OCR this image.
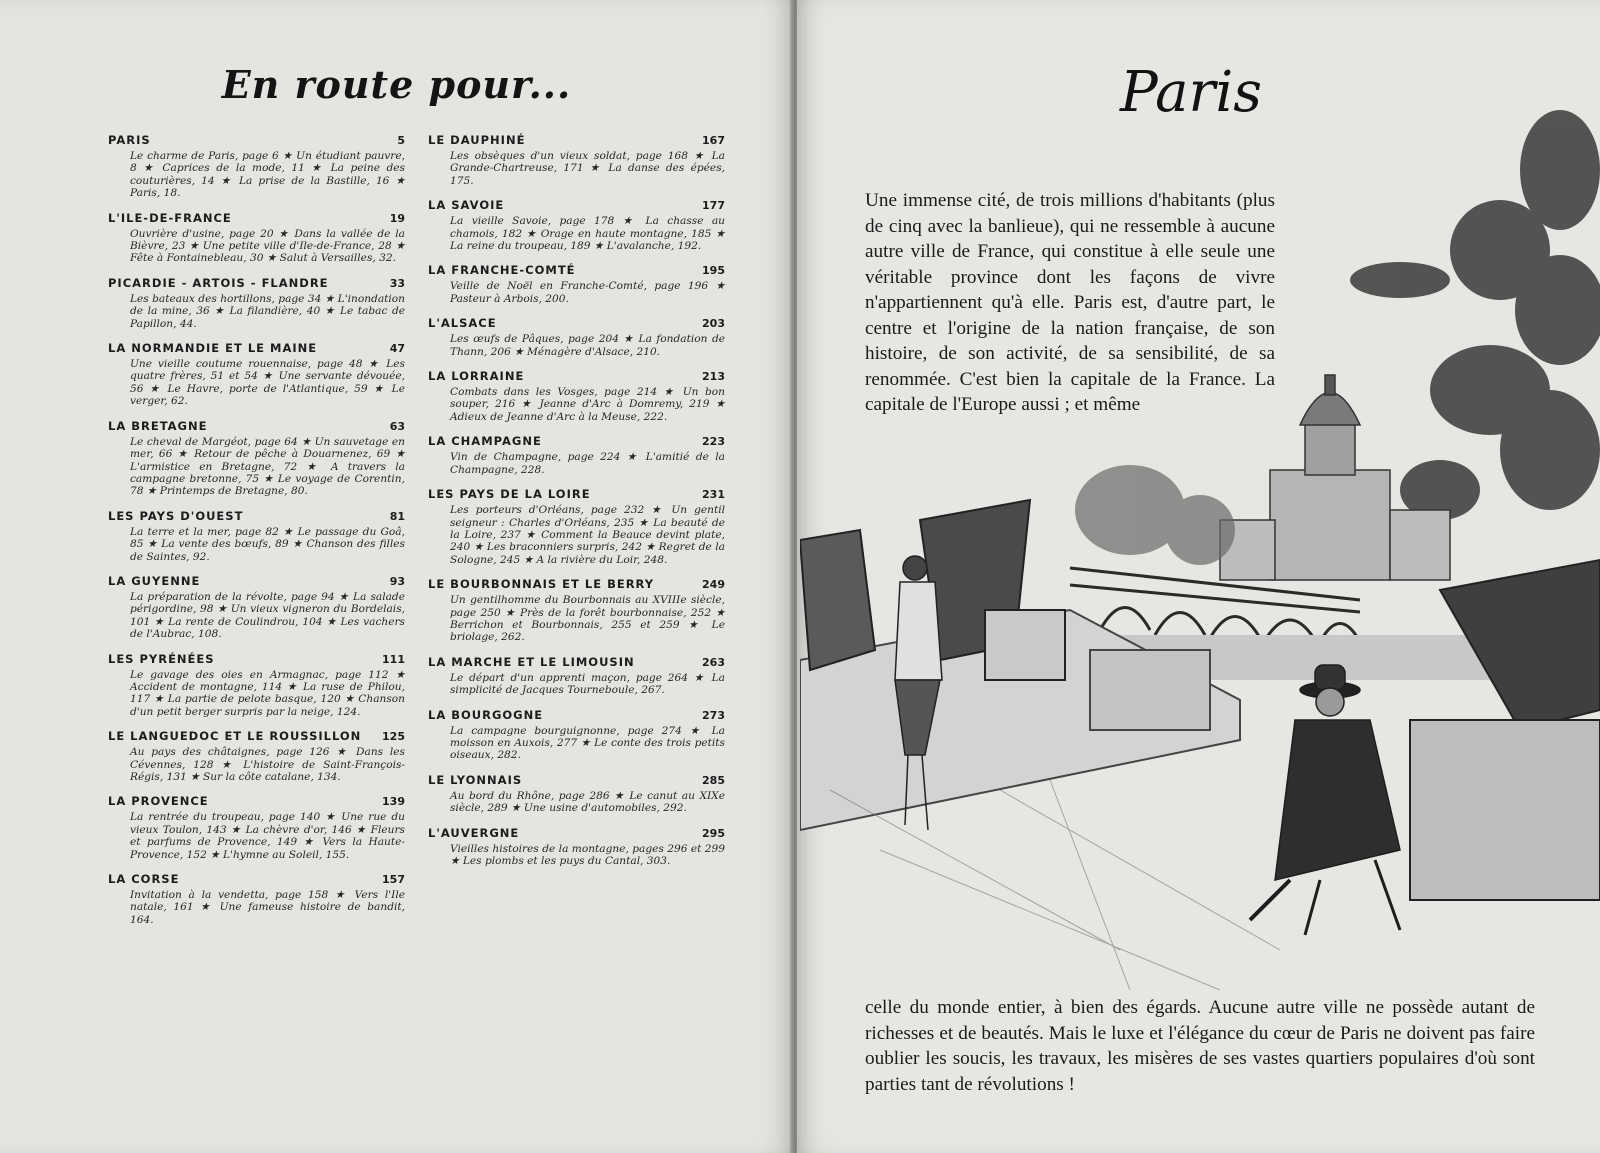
En route pour...
PARIS	5
Le charme de Paris, page 6 ★ Un étudiant pauvre, 8 ★ Caprices de la mode, 11 ★ La peine des couturières, 14 ★ La prise de la Bastille, 16 ★ Paris, 18.
L'ILE-DE-FRANCE	19
Ouvrière d'usine, page 20 ★ Dans la vallée de la Bièvre, 23 ★ Une petite ville d'Ile-de-France, 28 ★ Fête à Fontainebleau, 30 ★ Salut à Versailles, 32.
PICARDIE - ARTOIS - FLANDRE	33
Les bateaux des hortillons, page 34 ★ L'inondation de la mine, 36 ★ La filandière, 40 ★ Le tabac de Papillon, 44.
LA NORMANDIE ET LE MAINE	47
Une vieille coutume rouennaise, page 48 ★ Les quatre frères, 51 et 54 ★ Une servante dévouée, 56 ★ Le Havre, porte de l'Atlantique, 59 ★ Le verger, 62.
LA BRETAGNE	63
Le cheval de Margéot, page 64 ★ Un sauvetage en mer, 66 ★ Retour de pêche à Douarnenez, 69 ★ L'armistice en Bretagne, 72 ★ A travers la campagne bretonne, 75 ★ Le voyage de Corentin, 78 ★ Printemps de Bretagne, 80.
LES PAYS D'OUEST	81
La terre et la mer, page 82 ★ Le passage du Goâ, 85 ★ La vente des bœufs, 89 ★ Chanson des filles de Saintes, 92.
LA GUYENNE	93
La préparation de la révolte, page 94 ★ La salade périgordine, 98 ★ Un vieux vigneron du Bordelais, 101 ★ La rente de Coulindrou, 104 ★ Les vachers de l'Aubrac, 108.
LES PYRÉNÉES	111
Le gavage des oies en Armagnac, page 112 ★ Accident de montagne, 114 ★ La ruse de Philou, 117 ★ La partie de pelote basque, 120 ★ Chanson d'un petit berger surpris par la neige, 124.
LE LANGUEDOC ET LE ROUSSILLON 125
Au pays des châtaignes, page 126 ★ Dans les Cévennes, 128 ★ L'histoire de Saint-François-Régis, 131 ★ Sur la côte catalane, 134.
LA PROVENCE	139
La rentrée du troupeau, page 140 ★ Une rue du vieux Toulon, 143 ★ La chèvre d'or, 146 ★ Fleurs et parfums de Provence, 149 ★ Vers la Haute-Provence, 152 ★ L'hymne au Soleil, 155.
LA CORSE	157
Invitation à la vendetta, page 158 ★ Vers l'Ile natale, 161 ★ Une fameuse histoire de bandit, 164.
LE DAUPHINÉ	167
Les obsèques d'un vieux soldat, page 168 ★ La Grande-Chartreuse, 171 ★ La danse des épées, 175.
LA SAVOIE	177
La vieille Savoie, page 178 ★ La chasse au chamois, 182 ★ Orage en haute montagne, 185 ★ La reine du troupeau, 189 ★ L'avalanche, 192.
LA FRANCHE-COMTÉ	195
Veille de Noël en Franche-Comté, page 196 ★ Pasteur à Arbois, 200.
L'ALSACE	203
Les œufs de Pâques, page 204 ★ La fondation de Thann, 206 ★ Ménagère d'Alsace, 210.
LA LORRAINE	213
Combats dans les Vosges, page 214 ★ Un bon souper, 216 ★ Jeanne d'Arc à Domremy, 219 ★ Adieux de Jeanne d'Arc à la Meuse, 222.
LA CHAMPAGNE	223
Vin de Champagne, page 224 ★ L'amitié de la Champagne, 228.
LES PAYS DE LA LOIRE	231
Les porteurs d'Orléans, page 232 ★ Un gentil seigneur : Charles d'Orléans, 235 ★ La beauté de la Loire, 237 ★ Comment la Beauce devint plate, 240 ★ Les braconniers surpris, 242 ★ Regret de la Sologne, 245 ★ A la rivière du Loir, 248.
LE BOURBONNAIS ET LE BERRY	249
Un gentilhomme du Bourbonnais au XVIIIe siècle, page 250 ★ Près de la forêt bourbonnaise, 252 ★ Berrichon et Bourbonnais, 255 et 259 ★ Le briolage, 262.
LA MARCHE ET LE LIMOUSIN	263
Le départ d'un apprenti maçon, page 264 ★ La simplicité de Jacques Tourneboule, 267.
LA BOURGOGNE	273
La campagne bourguignonne, page 274 ★ La moisson en Auxois, 277 ★ Le conte des trois petits oiseaux, 282.
LE LYONNAIS	285
Au bord du Rhône, page 286 ★ Le canut au XIXe siècle, 289 ★ Une usine d'automobiles, 292.
L'AUVERGNE	295
Vieilles histoires de la montagne, pages 296 et 299 ★ Les plombs et les puys du Cantal, 303.
Paris
Une immense cité, de trois millions d'habitants (plus de cinq avec la banlieue), qui ne ressemble à aucune autre ville de France, qui constitue à elle seule une véritable province dont les façons de vivre n'appartiennent qu'à elle. Paris est, d'autre part, le centre et l'origine de la nation française, de son histoire, de son activité, de sa sensibilité, de sa renommée. C'est bien la capitale de la France. La capitale de l'Europe aussi ; et même
celle du monde entier, à bien des égards. Aucune autre ville ne possède autant de richesses et de beautés. Mais le luxe et l'élégance du cœur de Paris ne doivent pas faire oublier les soucis, les travaux, les misères de ses vastes quartiers populaires d'où sont parties tant de révolutions !
